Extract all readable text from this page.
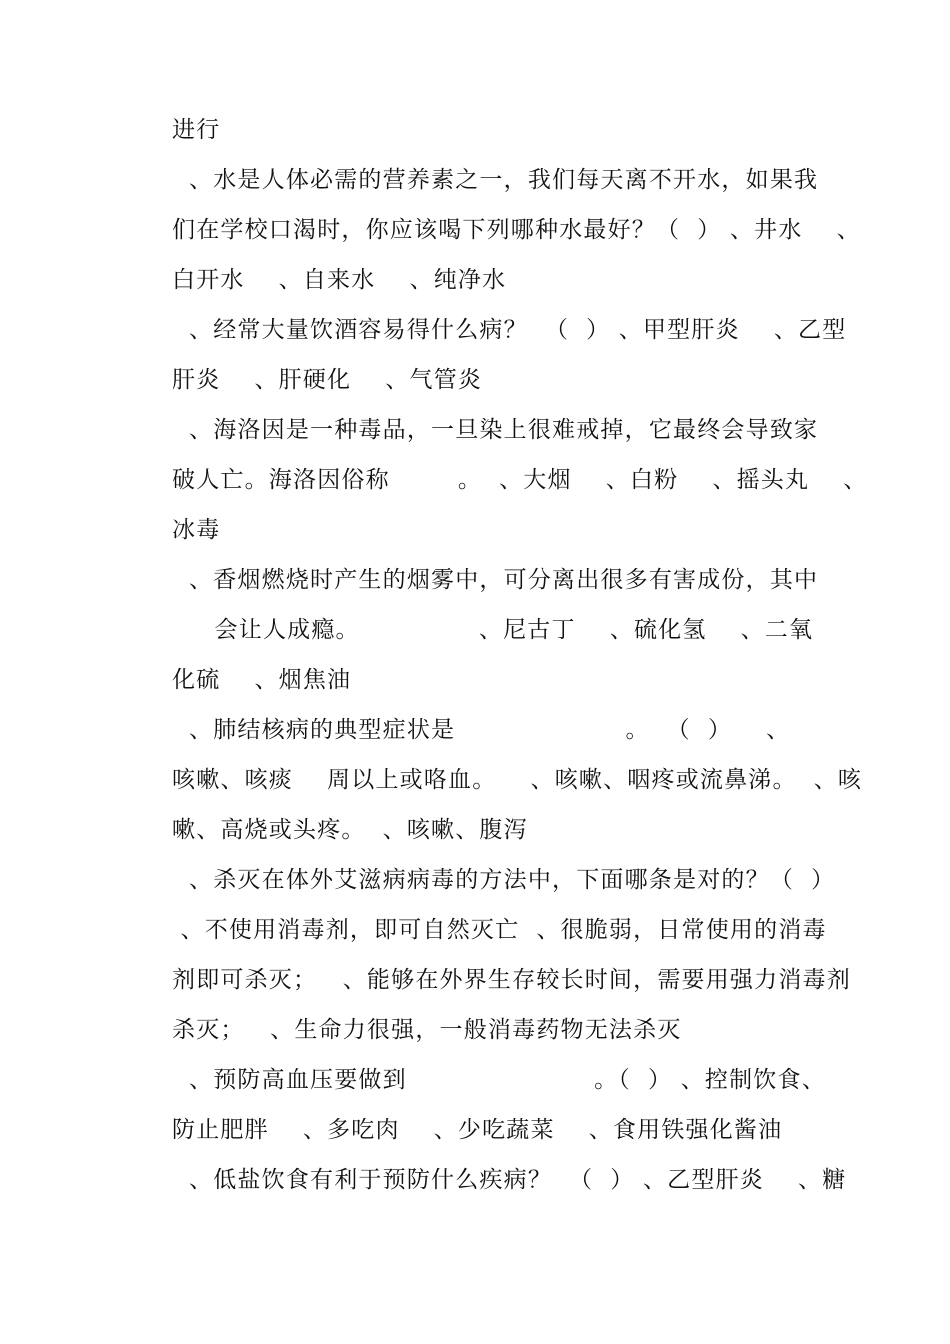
进行
、水是人体必需的营养素之一，我们每天离不开水，如果我
们在学校口渴时，你应该喝下列哪种水最好？（  ） 、井水    、
白开水    、自来水    、纯净水
、经常大量饮酒容易得什么病？  （  ） 、甲型肝炎    、乙型
肝炎    、肝硬化    、气管炎
、海洛因是一种毒品，一旦染上很难戒掉，它最终会导致家
破人亡。海洛因俗称        。  、大烟    、白粉    、摇头丸    、
冰毒
、香烟燃烧时产生的烟雾中，可分离出很多有害成份，其中
会让人成瘾。              、尼古丁    、硫化氢    、二氧
化硫    、烟焦油
、肺结核病的典型症状是                    。  （  ）    、
咳嗽、咳痰    周以上或咯血。    、咳嗽、咽疼或流鼻涕。  、咳
嗽、高烧或头疼。  、咳嗽、腹泻
、杀灭在体外艾滋病病毒的方法中，下面哪条是对的？（  ）
、不使用消毒剂，即可自然灭亡  、很脆弱，日常使用的消毒
剂即可杀灭；   、能够在外界生存较长时间，需要用强力消毒剂
杀灭；   、生命力很强，一般消毒药物无法杀灭
、预防高血压要做到                      。（  ） 、控制饮食、
防止肥胖    、多吃肉    、少吃蔬菜    、食用铁强化酱油
、低盐饮食有利于预防什么疾病？  （  ） 、乙型肝炎    、糖
